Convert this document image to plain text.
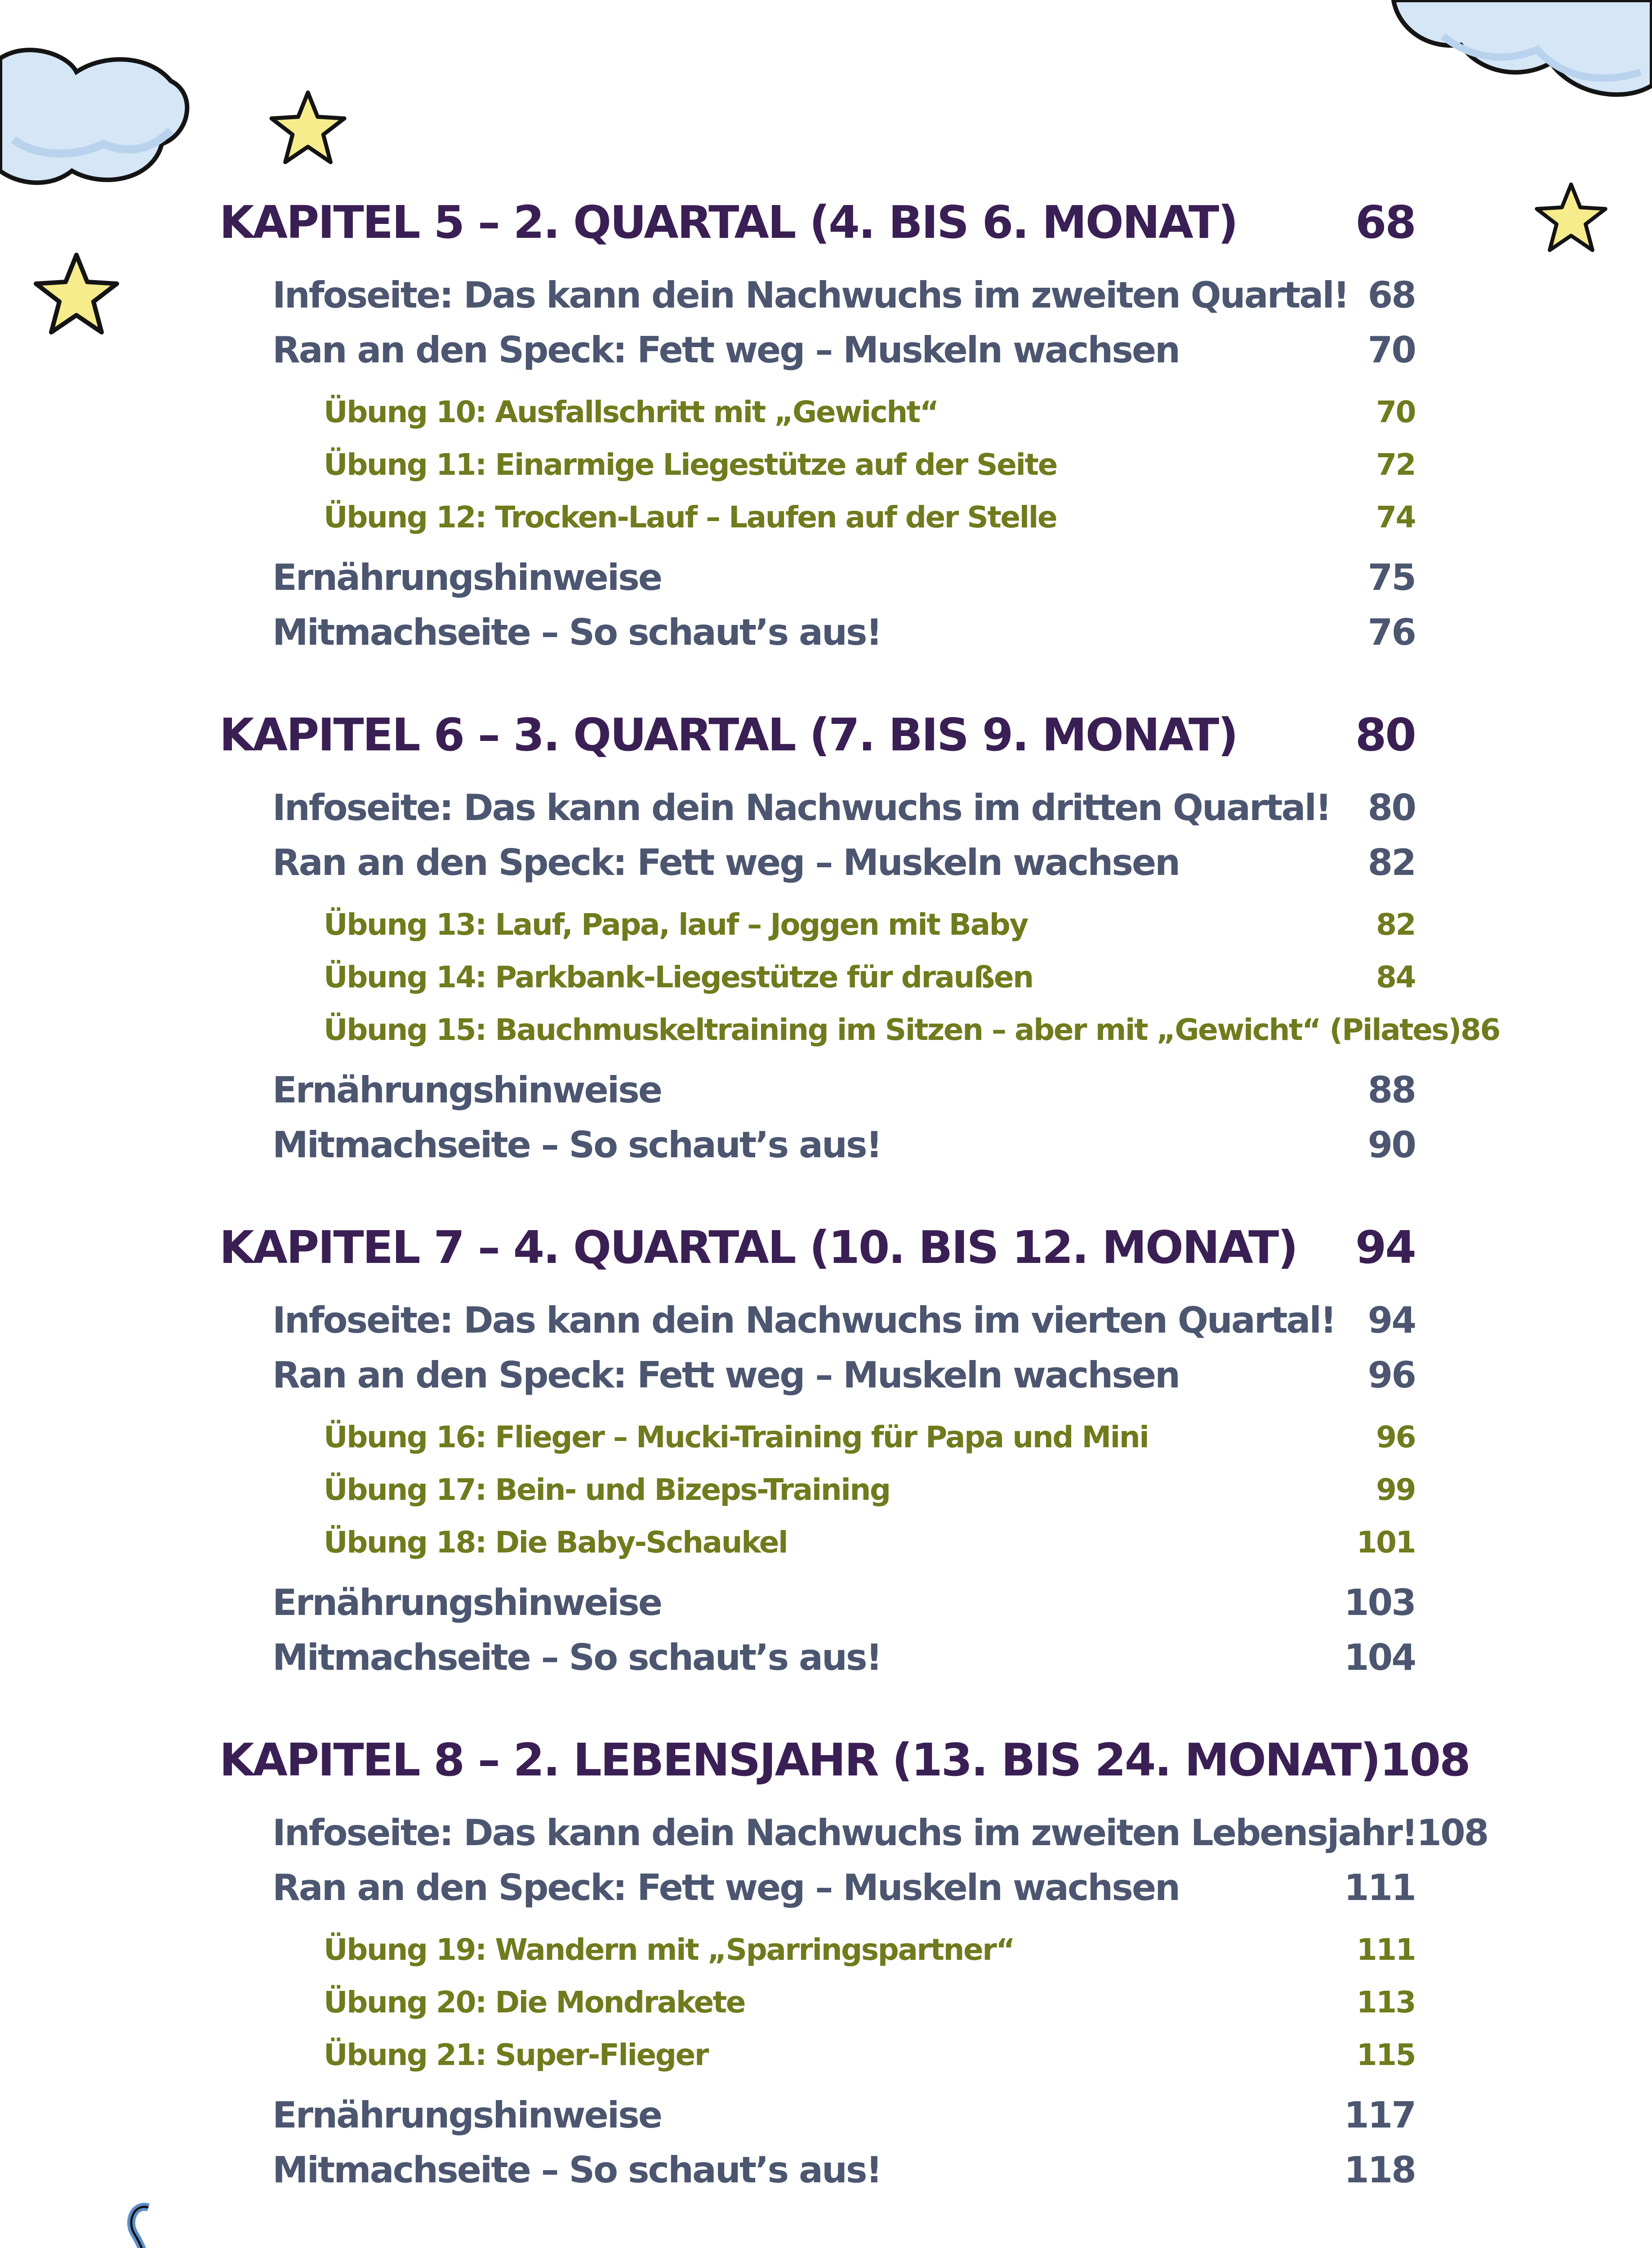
KAPITEL 5 – 2. QUARTAL (4. BIS 6. MONAT)	68
Infoseite: Das kann dein Nachwuchs im zweiten Quartal! 68
Ran an den Speck: Fett weg – Muskeln wachsen	70
Übung 10: Ausfallschritt mit „Gewicht“	70
Übung 11: Einarmige Liegestütze auf der Seite	72
Übung 12: Trocken-Lauf – Laufen auf der Stelle	74
Ernährungshinweise	75
Mitmachseite – So schaut’s aus!	76
KAPITEL 6 – 3. QUARTAL (7. BIS 9. MONAT)	80
Infoseite: Das kann dein Nachwuchs im dritten Quartal! 80
Ran an den Speck: Fett weg – Muskeln wachsen	82
Übung 13: Lauf, Papa, lauf – Joggen mit Baby	82
Übung 14: Parkbank-Liegestütze für draußen	84
Übung 15: Bauchmuskeltraining im Sitzen – aber mit „Gewicht“ (Pilates) 86
Ernährungshinweise	88
Mitmachseite – So schaut’s aus!	90
KAPITEL 7 – 4. QUARTAL (10. BIS 12. MONAT) 94
Infoseite: Das kann dein Nachwuchs im vierten Quartal! 94
Ran an den Speck: Fett weg – Muskeln wachsen	96
Übung 16: Flieger – Mucki-Training für Papa und Mini	96
Übung 17: Bein- und Bizeps-Training	99
Übung 18: Die Baby-Schaukel	101
Ernährungshinweise	103
Mitmachseite – So schaut’s aus!	104
KAPITEL 8 – 2. LEBENSJAHR (13. BIS 24. MONAT) 108
Infoseite: Das kann dein Nachwuchs im zweiten Lebensjahr! 108
Ran an den Speck: Fett weg – Muskeln wachsen	111
Übung 19: Wandern mit „Sparringspartner“	111
Übung 20: Die Mondrakete	113
Übung 21: Super-Flieger	115
Ernährungshinweise	117
Mitmachseite – So schaut’s aus!	118
